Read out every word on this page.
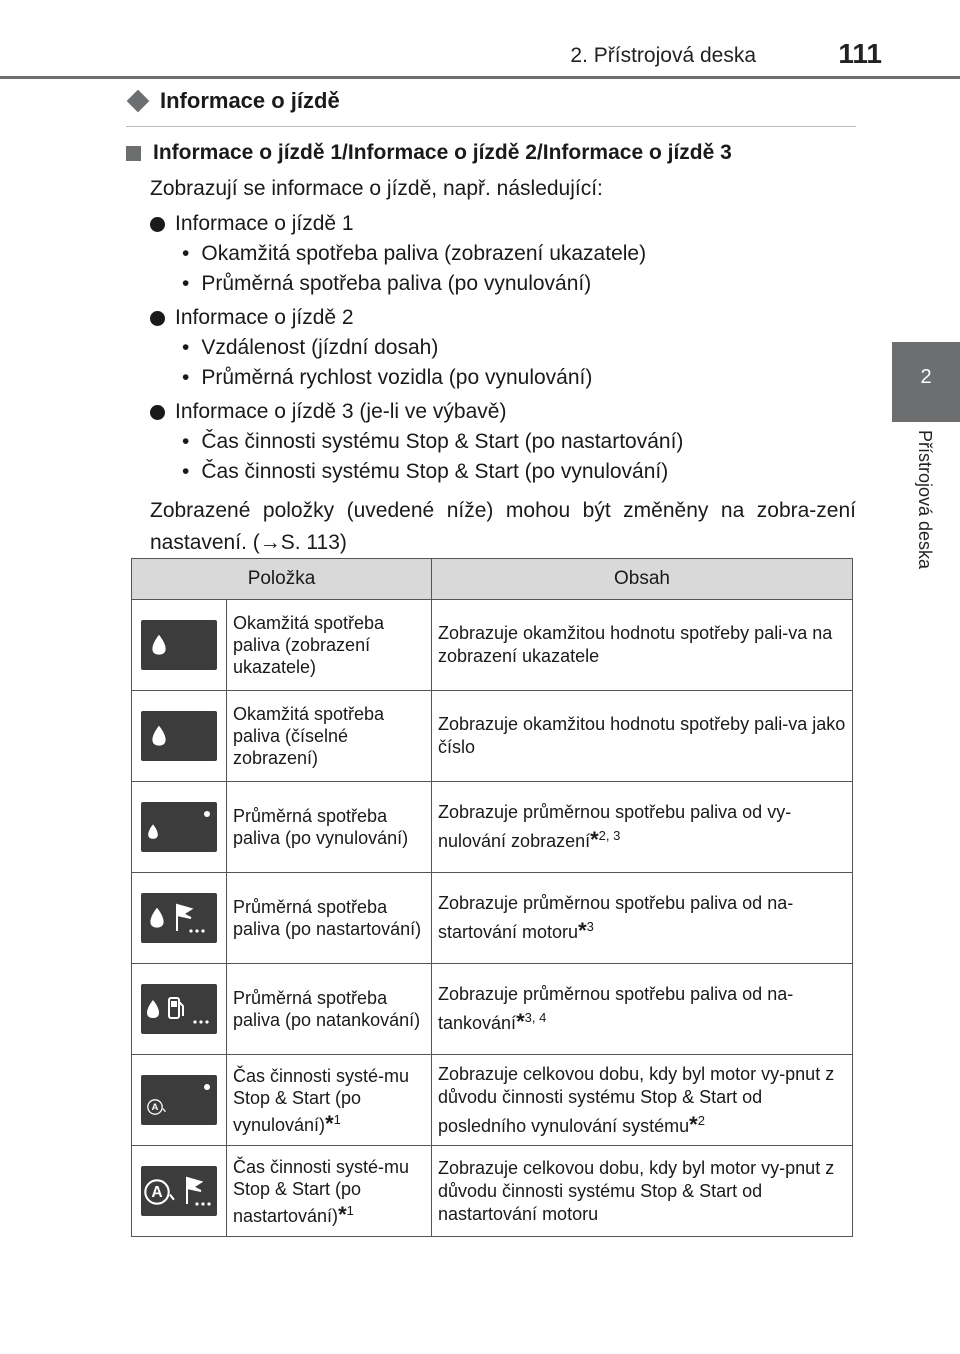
2. Přístrojová deska	111
2
Přístrojová deska
Informace o jízdě
Informace o jízdě 1/Informace o jízdě 2/Informace o jízdě 3
Zobrazují se informace o jízdě, např. následující:
Informace o jízdě 1
• Okamžitá spotřeba paliva (zobrazení ukazatele)
• Průměrná spotřeba paliva (po vynulování)
Informace o jízdě 2
• Vzdálenost (jízdní dosah)
• Průměrná rychlost vozidla (po vynulování)
Informace o jízdě 3 (je-li ve výbavě)
• Čas činnosti systému Stop & Start (po nastartování)
• Čas činnosti systému Stop & Start (po vynulování)
Zobrazené položky (uvedené níže) mohou být změněny na zobra-zení nastavení. (→S. 113)
Položka		Obsah

	Okamžitá spotřeba paliva (zobrazení ukazatele)	Zobrazuje okamžitou hodnotu spotřeby pali-va na zobrazení ukazatele

	Okamžitá spotřeba paliva (číselné zobrazení)	Zobrazuje okamžitou hodnotu spotřeby pali-va jako číslo

	Průměrná spotřeba paliva (po vynulování)	Zobrazuje průměrnou spotřebu paliva od vy-nulování zobrazení*$^{2, 3}$

	Průměrná spotřeba paliva (po nastartování)	Zobrazuje průměrnou spotřebu paliva od na-startování motoru*$^3$

	Průměrná spotřeba paliva (po natankování)	Zobrazuje průměrnou spotřebu paliva od na-tankování*$^{3, 4}$

A	Čas činnosti systé-mu Stop & Start (po vynulování)*$^1$	Zobrazuje celkovou dobu, kdy byl motor vy-pnut z důvodu činnosti systému Stop & Start od posledního vynulování systému*$^2$

A	Čas činnosti systé-mu Stop & Start (po nastartování)*$^1$	Zobrazuje celkovou dobu, kdy byl motor vy-pnut z důvodu činnosti systému Stop & Start od nastartování motoru
